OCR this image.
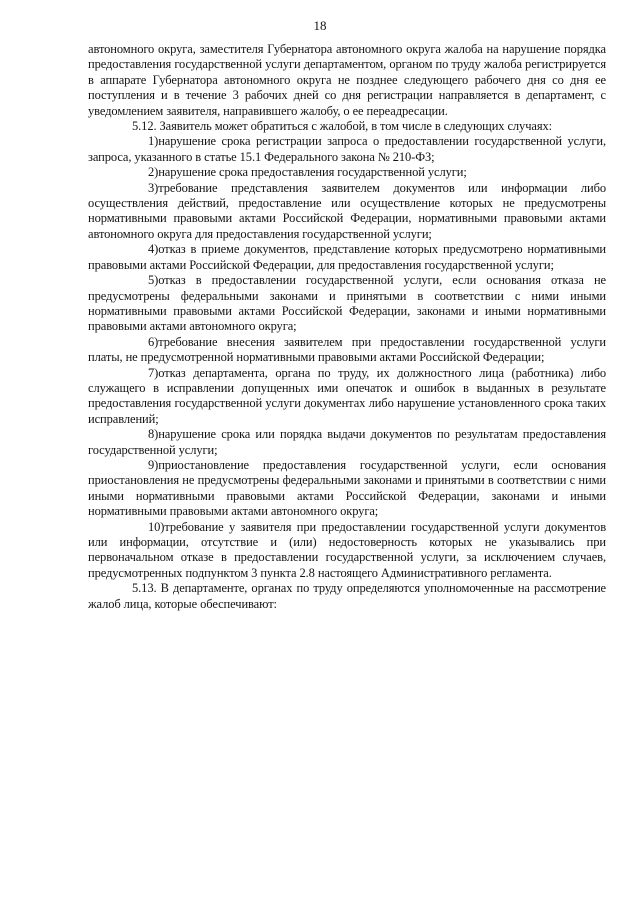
18

автономного округа, заместителя Губернатора автономного округа жалоба на нарушение порядка предоставления государственной услуги департаментом, органом по труду жалоба регистрируется в аппарате Губернатора автономного округа не позднее следующего рабочего дня со дня ее поступления и в течение 3 рабочих дней со дня регистрации направляется в департамент, с уведомлением заявителя, направившего жалобу, о ее переадресации.

5.12. Заявитель может обратиться с жалобой, в том числе в следующих случаях:

1)нарушение срока регистрации запроса о предоставлении государственной услуги, запроса, указанного в статье 15.1 Федерального закона № 210-ФЗ;

2)нарушение срока предоставления государственной услуги;

3)требование представления заявителем документов или информации либо осуществления действий, предоставление или осуществление которых не предусмотрены нормативными правовыми актами Российской Федерации, нормативными правовыми актами автономного округа для предоставления государственной услуги;

4)отказ в приеме документов, представление которых предусмотрено нормативными правовыми актами Российской Федерации, для предоставления государственной услуги;

5)отказ в предоставлении государственной услуги, если основания отказа не предусмотрены федеральными законами и принятыми в соответствии с ними иными нормативными правовыми актами Российской Федерации, законами и иными нормативными правовыми актами автономного округа;

6)требование внесения заявителем при предоставлении государственной услуги платы, не предусмотренной нормативными правовыми актами Российской Федерации;

7)отказ департамента, органа по труду, их должностного лица (работника) либо служащего в исправлении допущенных ими опечаток и ошибок в выданных в результате предоставления государственной услуги документах либо нарушение установленного срока таких исправлений;

8)нарушение срока или порядка выдачи документов по результатам предоставления государственной услуги;

9)приостановление предоставления государственной услуги, если основания приостановления не предусмотрены федеральными законами и принятыми в соответствии с ними иными нормативными правовыми актами Российской Федерации, законами и иными нормативными правовыми актами автономного округа;

10)требование у заявителя при предоставлении государственной услуги документов или информации, отсутствие и (или) недостоверность которых не указывались при первоначальном отказе в предоставлении государственной услуги, за исключением случаев, предусмотренных подпунктом 3 пункта 2.8 настоящего Административного регламента.

5.13. В департаменте, органах по труду определяются уполномоченные на рассмотрение жалоб лица, которые обеспечивают:
